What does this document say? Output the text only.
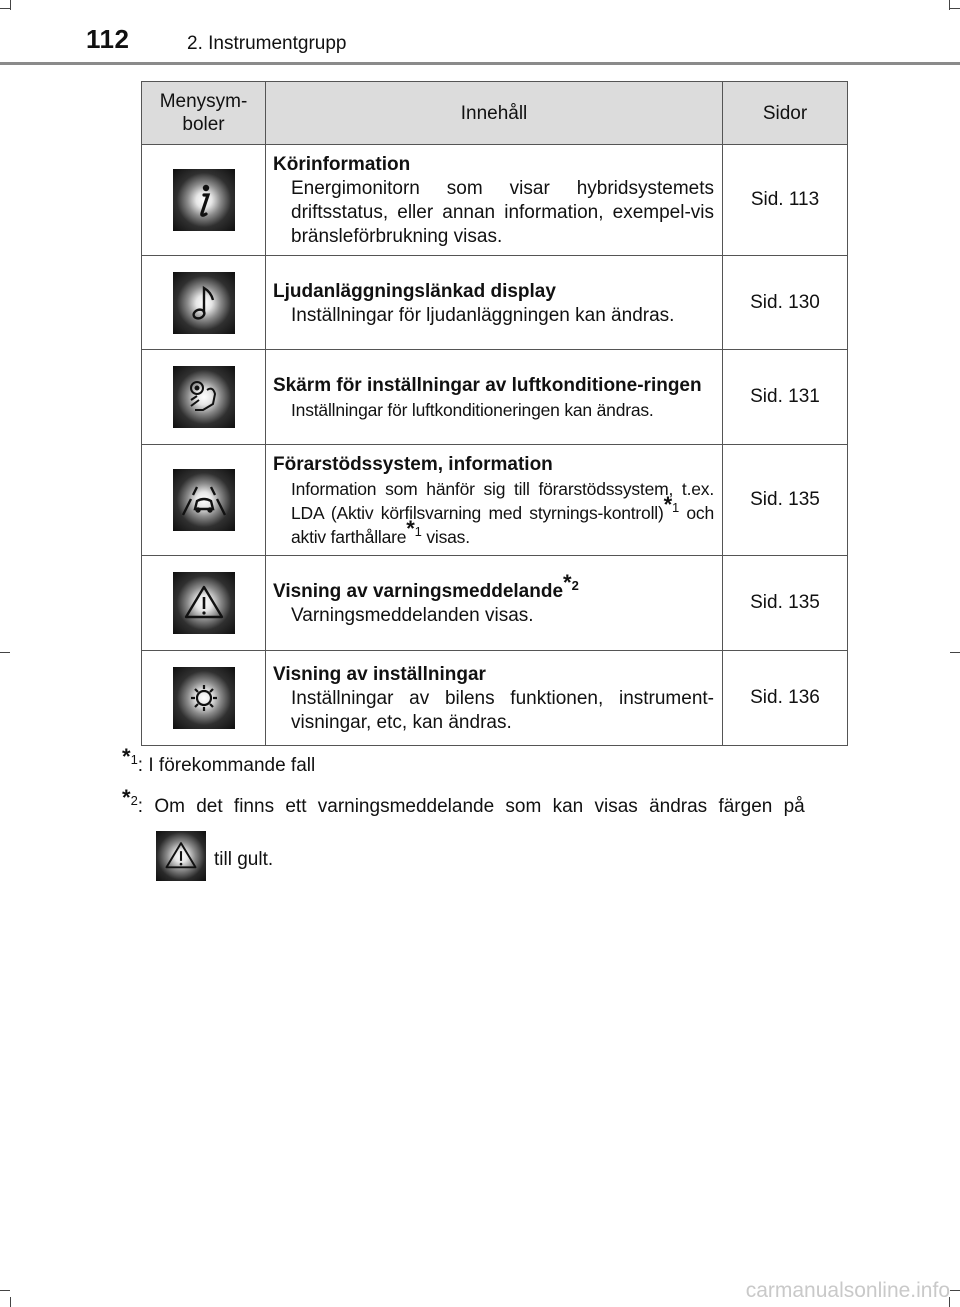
112	2. Instrumentgrupp
Menysym-
boler	Innehåll	Sidor

Körinformation
Energimonitorn som visar hybridsystemets driftsstatus, eller annan information, exempel-vis bränsleförbrukning visas.	Sid. 113

Ljudanläggningslänkad display
Inställningar för ljudanläggningen kan ändras.	Sid. 130

Skärm för inställningar av luftkonditione-ringen
Inställningar för luftkonditioneringen kan ändras.	Sid. 131

Förarstödssystem, information
Information som hänför sig till förarstödssystem, t.ex. LDA (Aktiv körfilsvarning med styrnings-kontroll)$^{*1}$ och aktiv farthållare$^{*1}$ visas.	Sid. 135

Visning av varningsmeddelande$^{*2}$
Varningsmeddelanden visas.	Sid. 135

Visning av inställningar
Inställningar av bilens funktionen, instrument-visningar, etc, kan ändras.	Sid. 136
$^{*1}$: I förekommande fall
$^{*2}$: Om det finns ett varningsmeddelande som kan visas ändras färgen på
till gult.
carmanualsonline.info
